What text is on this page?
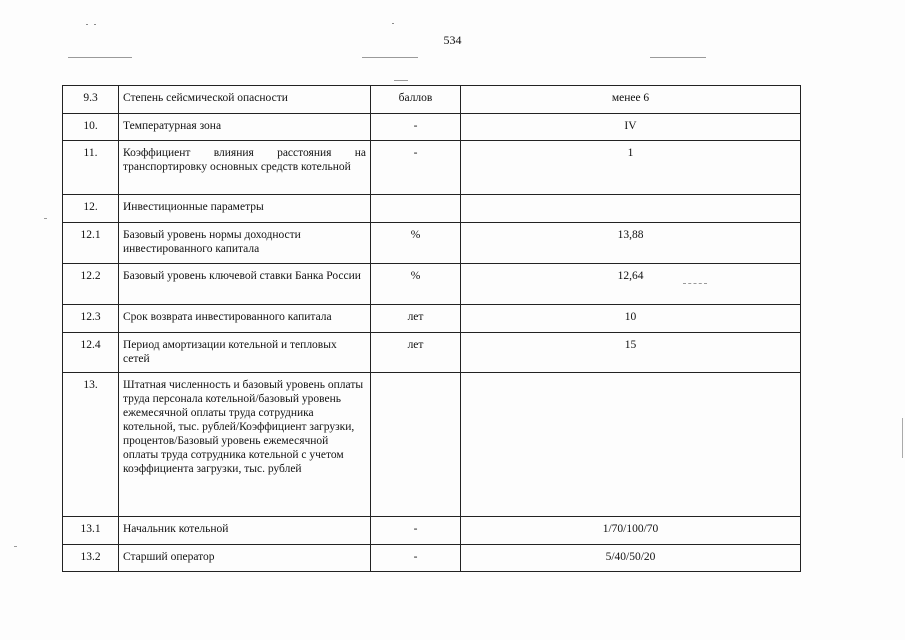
534
9.3	Степень сейсмической опасности	баллов	менее 6
10.	Температурная зона	-	IV
11.	Коэффициент влияния расстояния на транспортировку основных средств котельной	-	1
12.	Инвестиционные параметры		
12.1	Базовый уровень нормы доходности инвестированного капитала	%	13,88
12.2	Базовый уровень ключевой ставки Банка России	%	12,64
12.3	Срок возврата инвестированного капитала	лет	10
12.4	Период амортизации котельной и тепловых сетей	лет	15
13.	Штатная численность и базовый уровень оплаты труда персонала котельной/базовый уровень ежемесячной оплаты труда сотрудника котельной, тыс. рублей/Коэффициент загрузки, процентов/Базовый уровень ежемесячной оплаты труда сотрудника котельной с учетом коэффициента загрузки, тыс. рублей		
13.1	Начальник котельной	-	1/70/100/70
13.2	Старший оператор	-	5/40/50/20
